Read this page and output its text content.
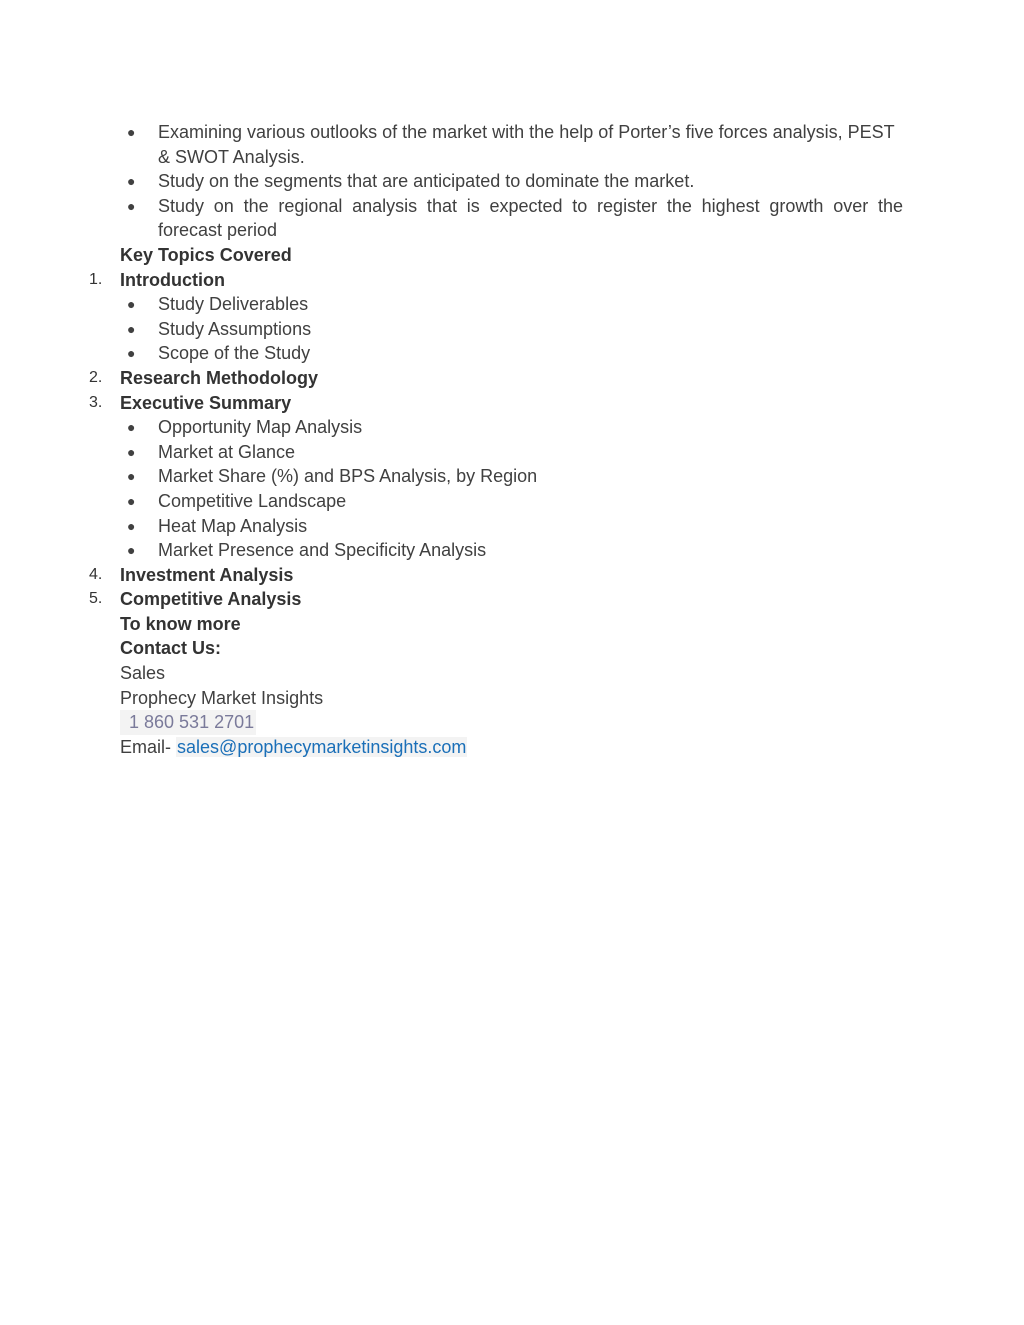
● Examining various outlooks of the market with the help of Porter’s five forces analysis, PEST
& SWOT Analysis.
● Study on the segments that are anticipated to dominate the market.
● Study on the regional analysis that is expected to register the highest growth over the
forecast period
Key Topics Covered
1. Introduction
● Study Deliverables
● Study Assumptions
● Scope of the Study
2. Research Methodology
3. Executive Summary
● Opportunity Map Analysis
● Market at Glance
● Market Share (%) and BPS Analysis, by Region
● Competitive Landscape
● Heat Map Analysis
● Market Presence and Specificity Analysis
4. Investment Analysis
5. Competitive Analysis
To know more
Contact Us:
Sales
Prophecy Market Insights
1 860 531 2701
Email- sales@prophecymarketinsights.com
